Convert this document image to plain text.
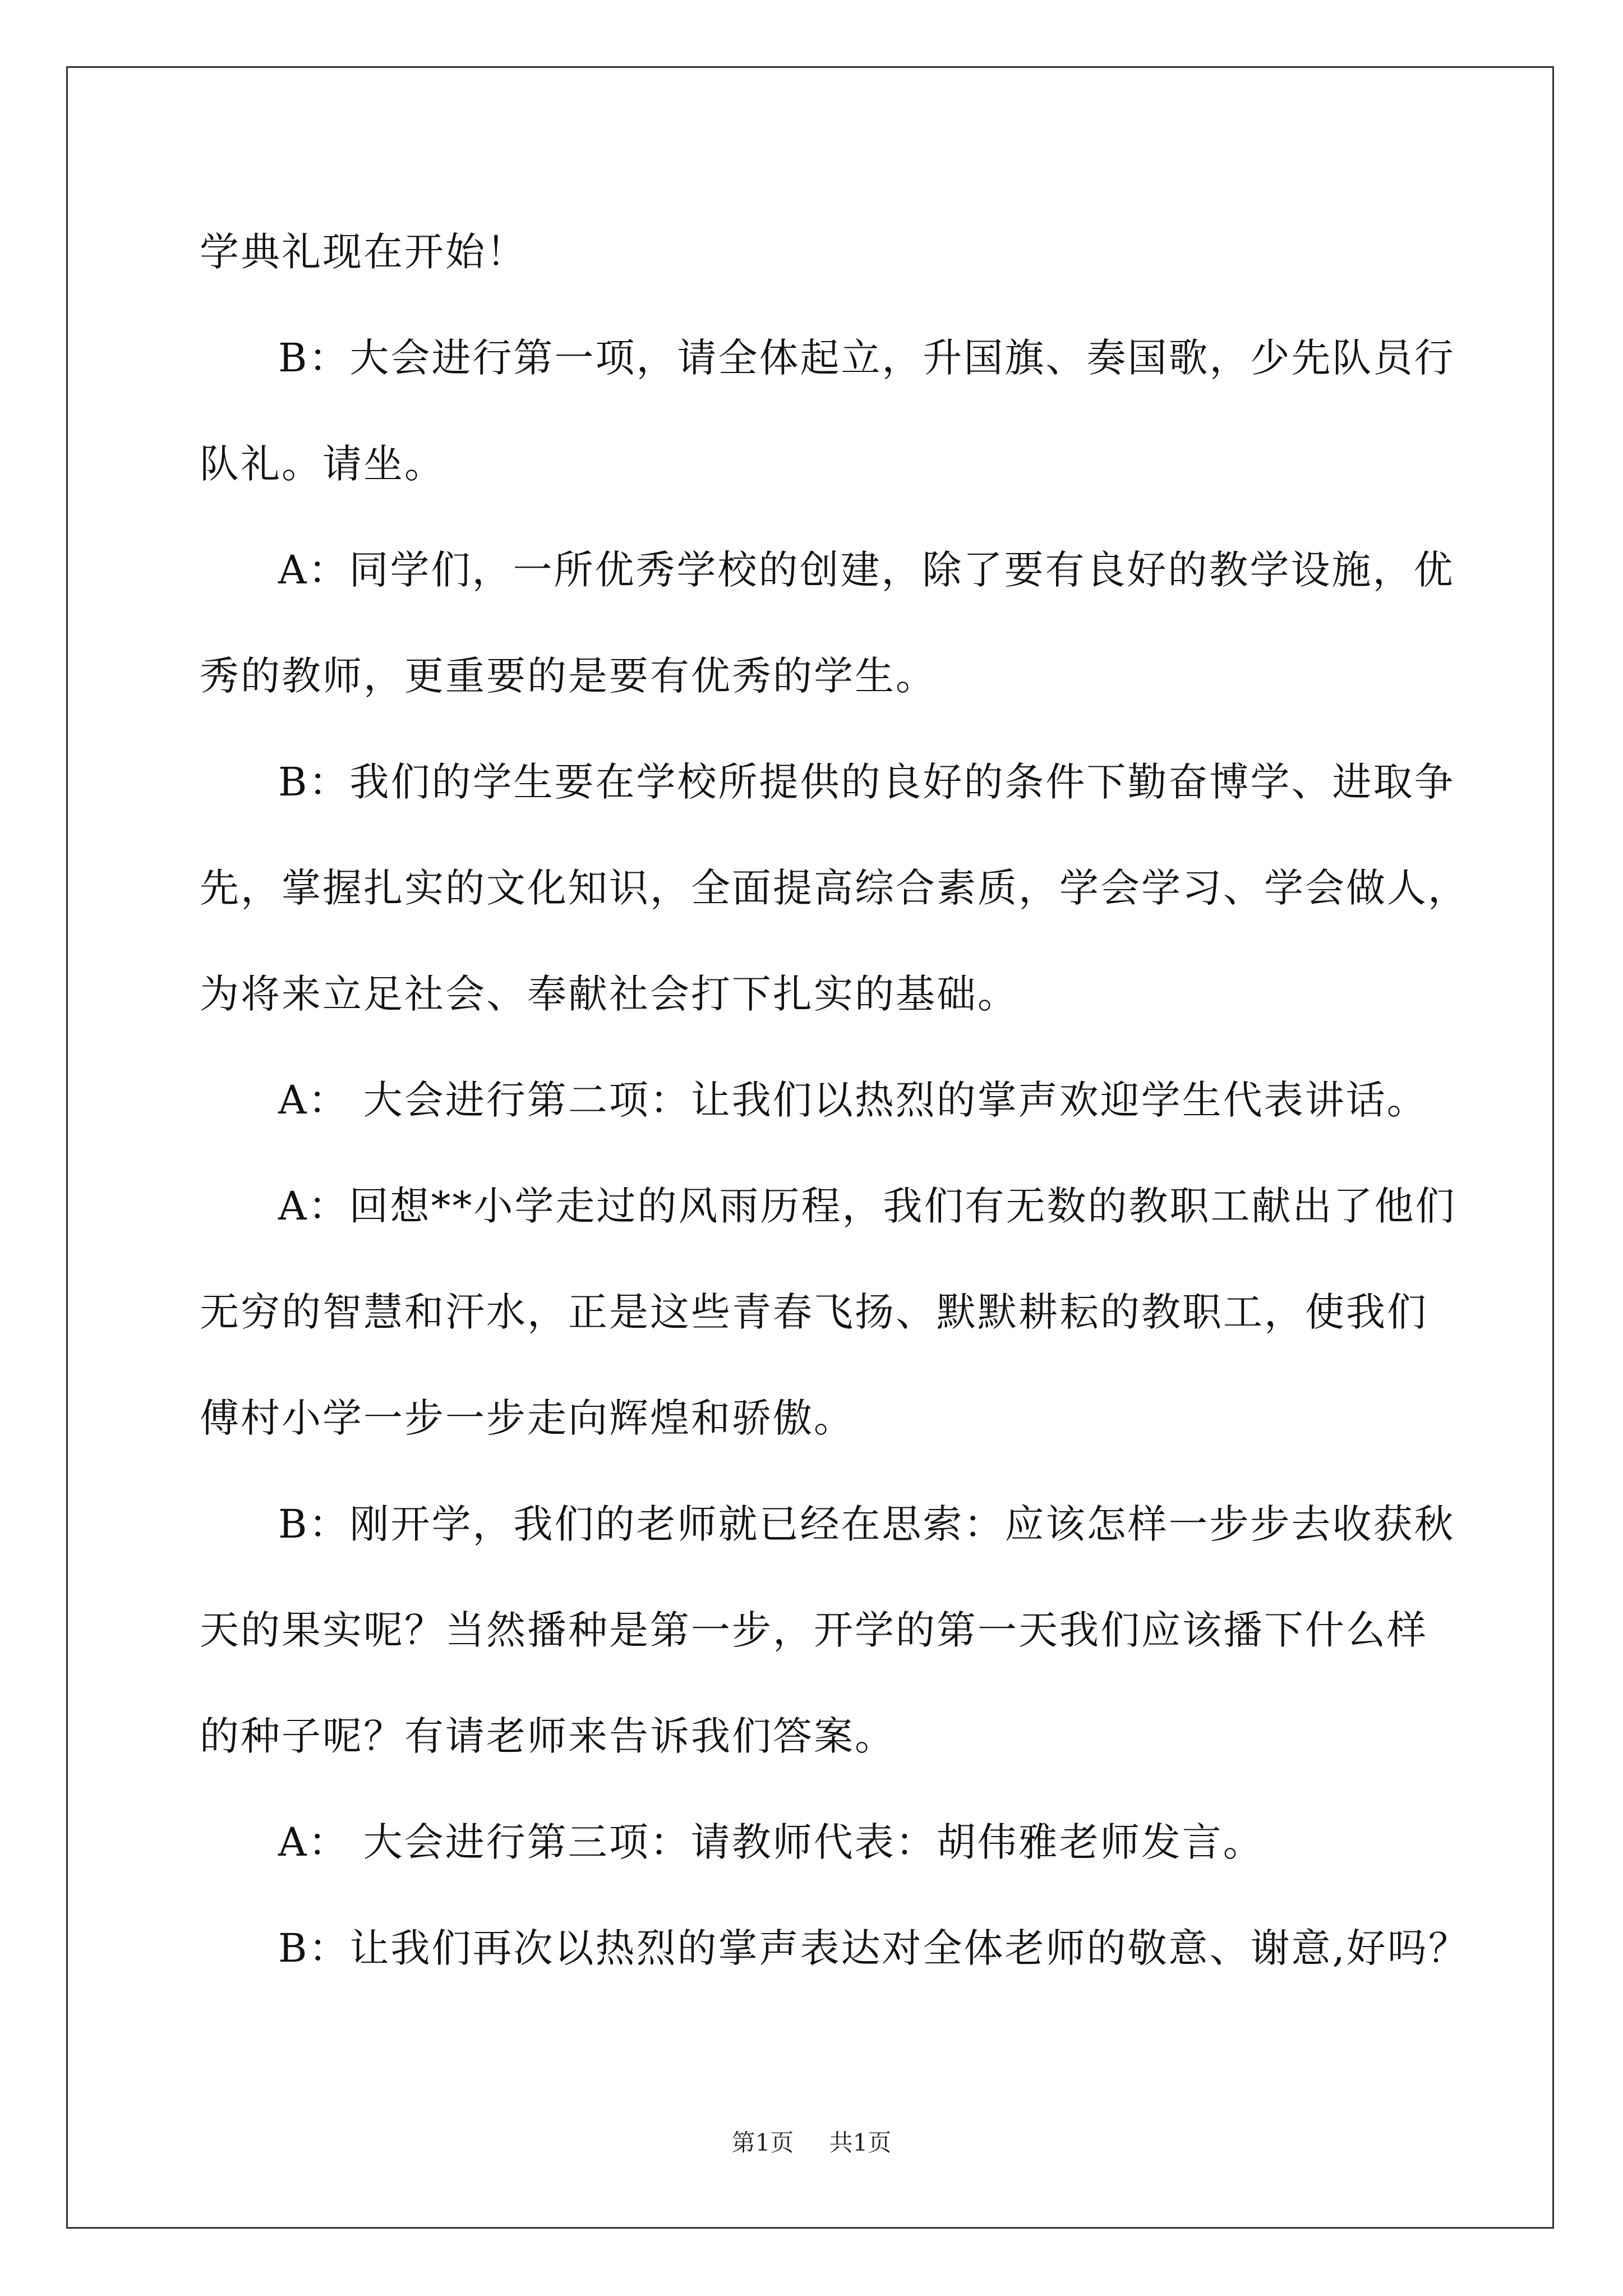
学典礼现在开始！
B：大会进行第一项，请全体起立，升国旗、奏国歌，少先队员行
队礼。请坐。
A：同学们，一所优秀学校的创建，除了要有良好的教学设施，优
秀的教师，更重要的是要有优秀的学生。
B：我们的学生要在学校所提供的良好的条件下勤奋博学、进取争
先，掌握扎实的文化知识，全面提高综合素质，学会学习、学会做人，
为将来立足社会、奉献社会打下扎实的基础。
A： 大会进行第二项：让我们以热烈的掌声欢迎学生代表讲话。
A：回想**小学走过的风雨历程，我们有无数的教职工献出了他们
无穷的智慧和汗水，正是这些青春飞扬、默默耕耘的教职工，使我们
傅村小学一步一步走向辉煌和骄傲。
B：刚开学，我们的老师就已经在思索：应该怎样一步步去收获秋
天的果实呢？当然播种是第一步，开学的第一天我们应该播下什么样
的种子呢？有请老师来告诉我们答案。
A： 大会进行第三项：请教师代表：胡伟雅老师发言。
B：让我们再次以热烈的掌声表达对全体老师的敬意、谢意,好吗？
第1页 共1页
